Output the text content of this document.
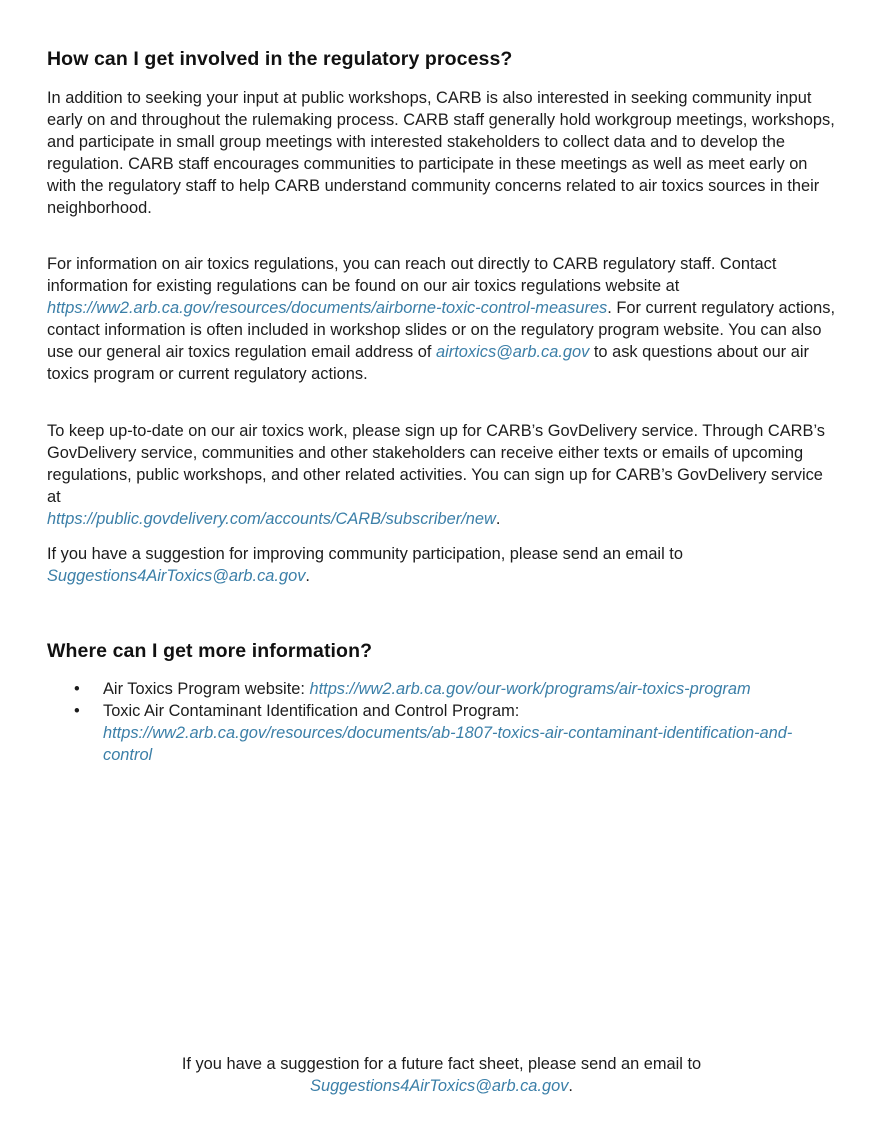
How can I get involved in the regulatory process?

In addition to seeking your input at public workshops, CARB is also interested in seeking community input early on and throughout the rulemaking process. CARB staff generally hold workgroup meetings, workshops, and participate in small group meetings with interested stakeholders to collect data and to develop the regulation. CARB staff encourages communities to participate in these meetings as well as meet early on with the regulatory staff to help CARB understand community concerns related to air toxics sources in their neighborhood.

For information on air toxics regulations, you can reach out directly to CARB regulatory staff. Contact information for existing regulations can be found on our air toxics regulations website at https://ww2.arb.ca.gov/resources/documents/airborne-toxic-control-measures. For current regulatory actions, contact information is often included in workshop slides or on the regulatory program website. You can also use our general air toxics regulation email address of airtoxics@arb.ca.gov to ask questions about our air toxics program or current regulatory actions.

To keep up-to-date on our air toxics work, please sign up for CARB’s GovDelivery service. Through CARB’s GovDelivery service, communities and other stakeholders can receive either texts or emails of upcoming regulations, public workshops, and other related activities. You can sign up for CARB’s GovDelivery service at
https://public.govdelivery.com/accounts/CARB/subscriber/new.

If you have a suggestion for improving community participation, please send an email to
Suggestions4AirToxics@arb.ca.gov.

Where can I get more information?
• Air Toxics Program website: https://ww2.arb.ca.gov/our-work/programs/air-toxics-program
• Toxic Air Contaminant Identification and Control Program:
https://ww2.arb.ca.gov/resources/documents/ab-1807-toxics-air-contaminant-identification-and-control
If you have a suggestion for a future fact sheet, please send an email to
Suggestions4AirToxics@arb.ca.gov.
